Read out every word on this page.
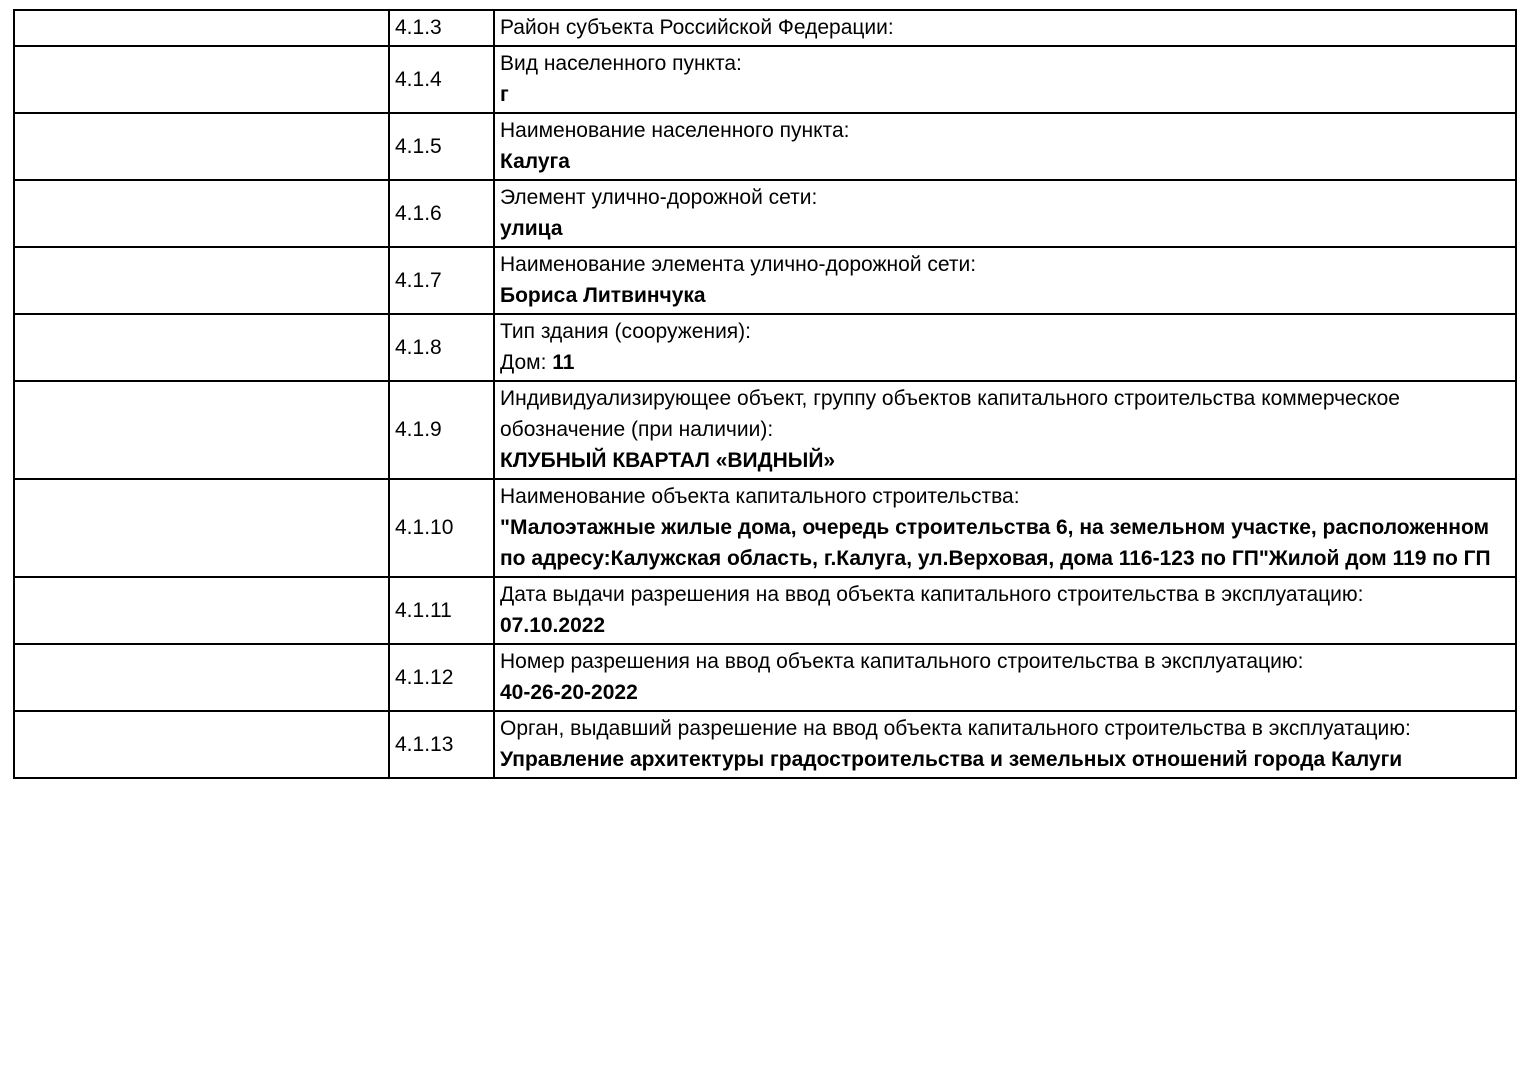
	4.1.3	Район субъекта Российской Федерации:

	4.1.4	Вид населенного пункта:
г

	4.1.5	Наименование населенного пункта:
Калуга

	4.1.6	Элемент улично-дорожной сети:
улица

	4.1.7	Наименование элемента улично-дорожной сети:
Бориса Литвинчука

	4.1.8	Тип здания (сооружения):
Дом: 11

	4.1.9	Индивидуализирующее объект, группу объектов капитального строительства коммерческое обозначение (при наличии):
КЛУБНЫЙ КВАРТАЛ «ВИДНЫЙ»

	4.1.10	Наименование объекта капитального строительства:
"Малоэтажные жилые дома, очередь строительства 6, на земельном участке, расположенном по адресу:Калужская область, г.Калуга, ул.Верховая, дома 116-123 по ГП"Жилой дом 119 по ГП

	4.1.11	Дата выдачи разрешения на ввод объекта капитального строительства в эксплуатацию:
07.10.2022

	4.1.12	Номер разрешения на ввод объекта капитального строительства в эксплуатацию:
40-26-20-2022

	4.1.13	Орган, выдавший разрешение на ввод объекта капитального строительства в эксплуатацию:
Управление архитектуры градостроительства и земельных отношений города Калуги
